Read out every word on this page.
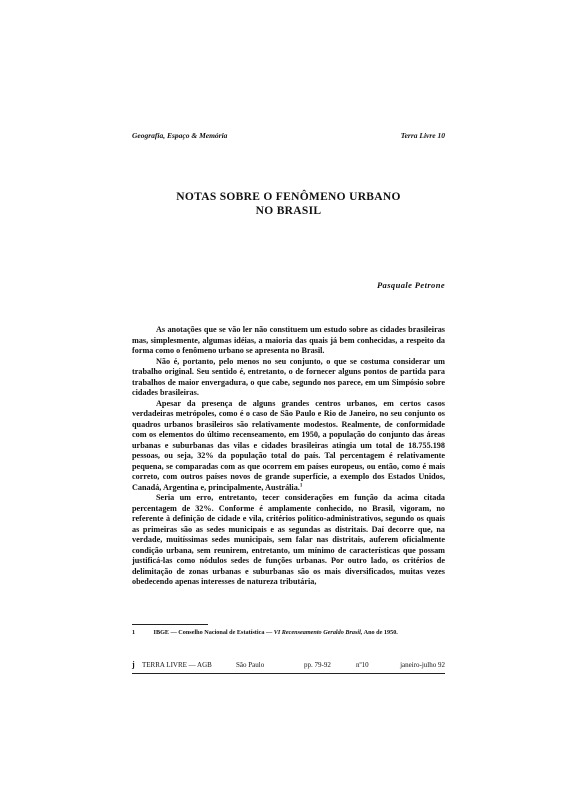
Geografia, Espaço & Memória	Terra Livre 10
NOTAS SOBRE O FENÔMENO URBANO
NO BRASIL
Pasquale Petrone

As anotações que se vão ler não constituem um estudo sobre as cidades brasileiras mas, simplesmente, algumas idéias, a maioria das quais já bem conhecidas, a respeito da forma como o fenômeno urbano se apresenta no Brasil.

Não é, portanto, pelo menos no seu conjunto, o que se costuma considerar um trabalho original. Seu sentido é, entretanto, o de fornecer alguns pontos de partida para trabalhos de maior envergadura, o que cabe, segundo nos parece, em um Simpósio sobre cidades brasileiras.

Apesar da presença de alguns grandes centros urbanos, em certos casos verdadeiras metrópoles, como é o caso de São Paulo e Rio de Janeiro, no seu conjunto os quadros urbanos brasileiros são relativamente modestos. Realmente, de conformidade com os elementos do último recenseamento, em 1950, a população do conjunto das áreas urbanas e suburbanas das vilas e cidades brasileiras atingia um total de 18.755.198 pessoas, ou seja, 32% da população total do país. Tal percentagem é relativamente pequena, se comparadas com as que ocorrem em países europeus, ou então, como é mais correto, com outros países novos de grande superfície, a exemplo dos Estados Unidos, Canadá, Argentina e, principalmente, Austrália.$^1$

Seria um erro, entretanto, tecer considerações em função da acima citada percentagem de 32%. Conforme é amplamente conhecido, no Brasil, vigoram, no referente à definição de cidade e vila, critérios político-administrativos, segundo os quais as primeiras são as sedes municipais e as segundas as distritais. Daí decorre que, na verdade, muitíssimas sedes municipais, sem falar nas distritais, auferem oficialmente condição urbana, sem reunirem, entretanto, um mínimo de características que possam justificá-las como nódulos sedes de funções urbanas. Por outro lado, os critérios de delimitação de zonas urbanas e suburbanas são os mais diversificados, muitas vezes obedecendo apenas interesses de natureza tributária,

1	IBGE — Conselho Nacional de Estatística — VI Recenseamento Geraldo Brasil, Ano de 1950.
j TERRA LIVRE — AGB	São Paulo	pp. 79-92	nº10	janeiro-julho 92
